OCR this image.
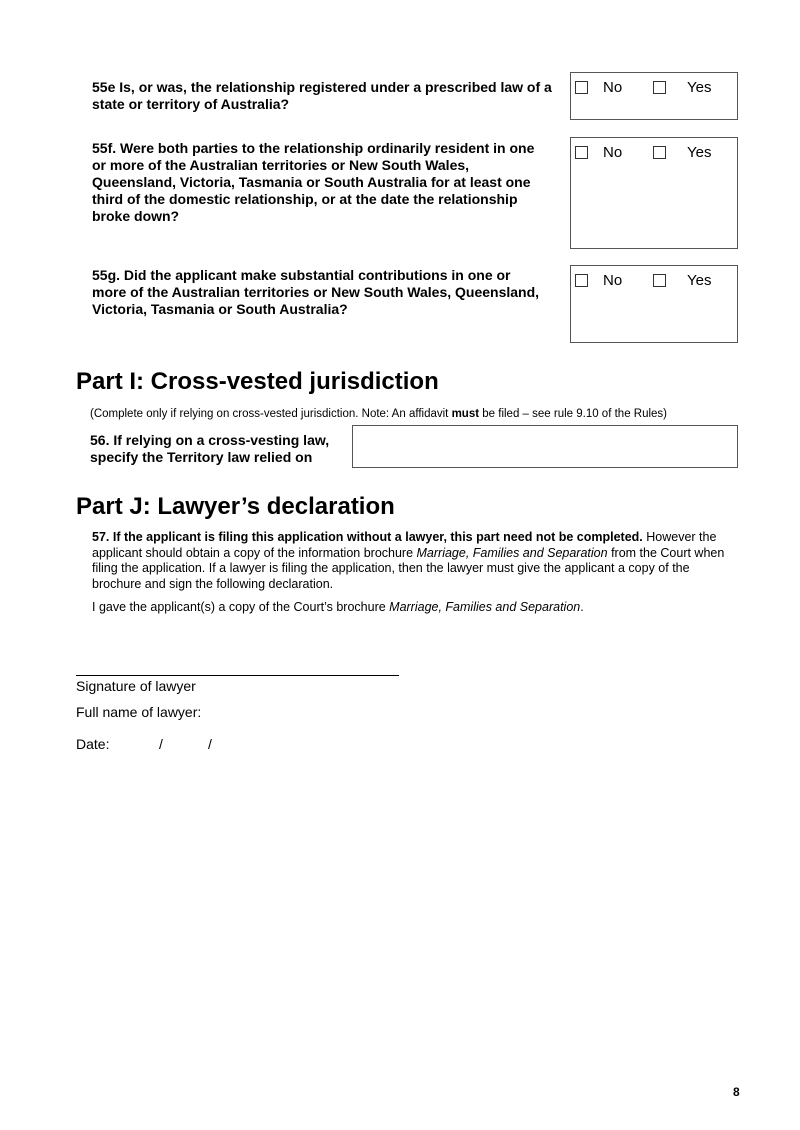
55e Is, or was, the relationship registered under a prescribed law of a state or territory of Australia?
No	Yes
55f. Were both parties to the relationship ordinarily resident in one or more of the Australian territories or New South Wales, Queensland, Victoria, Tasmania or South Australia for at least one third of the domestic relationship, or at the date the relationship broke down?
No	Yes
55g. Did the applicant make substantial contributions in one or more of the Australian territories or New South Wales, Queensland, Victoria, Tasmania or South Australia?
No	Yes
Part I: Cross-vested jurisdiction
(Complete only if relying on cross-vested jurisdiction. Note: An affidavit must be filed – see rule 9.10 of the Rules)
56. If relying on a cross-vesting law,
specify the Territory law relied on
Part J: Lawyer’s declaration
57. If the applicant is filing this application without a lawyer, this part need not be completed. However the applicant should obtain a copy of the information brochure Marriage, Families and Separation from the Court when filing the application. If a lawyer is filing the application, then the lawyer must give the applicant a copy of the brochure and sign the following declaration.
I gave the applicant(s) a copy of the Court’s brochure Marriage, Families and Separation.
Signature of lawyer
Full name of lawyer:
Date:	/	/
8
